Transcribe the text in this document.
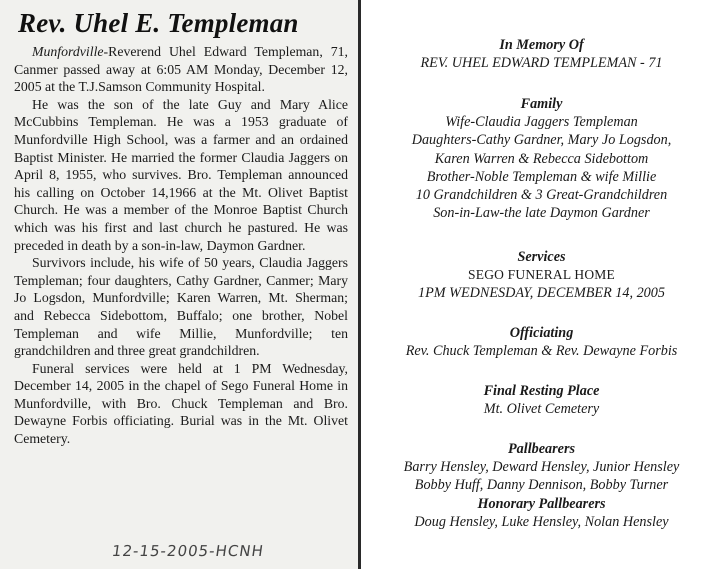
Rev. Uhel E. Templeman

Munfordville-Reverend Uhel Edward Templeman, 71, Canmer passed away at 6:05 AM Monday, December 12, 2005 at the T.J.Samson Community Hospital.

He was the son of the late Guy and Mary Alice McCubbins Templeman. He was a 1953 graduate of Munfordville High School, was a farmer and an ordained Baptist Minister. He married the former Claudia Jaggers on April 8, 1955, who survives. Bro. Templeman announced his calling on October 14,1966 at the Mt. Olivet Baptist Church. He was a member of the Monroe Baptist Church which was his first and last church he pastured. He was preceded in death by a son-in-law, Daymon Gardner.

Survivors include, his wife of 50 years, Claudia Jaggers Templeman; four daughters, Cathy Gardner, Canmer; Mary Jo Logsdon, Munfordville; Karen Warren, Mt. Sherman; and Rebecca Sidebottom, Buffalo; one brother, Nobel Templeman and wife Millie, Munfordville; ten grandchildren and three great grandchildren.

Funeral services were held at 1 PM Wednesday, December 14, 2005 in the chapel of Sego Funeral Home in Munfordville, with Bro. Chuck Templeman and Bro. Dewayne Forbis officiating. Burial was in the Mt. Olivet Cemetery.

12-15-2005-HCNH
In Memory Of
REV. UHEL EDWARD TEMPLEMAN - 71
Family
Wife-Claudia Jaggers Templeman
Daughters-Cathy Gardner, Mary Jo Logsdon,
Karen Warren & Rebecca Sidebottom
Brother-Noble Templeman & wife Millie
10 Grandchildren & 3 Great-Grandchildren
Son-in-Law-the late Daymon Gardner
Services
SEGO FUNERAL HOME
1PM WEDNESDAY, DECEMBER 14, 2005
Officiating
Rev. Chuck Templeman & Rev. Dewayne Forbis
Final Resting Place
Mt. Olivet Cemetery
Pallbearers
Barry Hensley, Deward Hensley, Junior Hensley
Bobby Huff, Danny Dennison, Bobby Turner
Honorary Pallbearers
Doug Hensley, Luke Hensley, Nolan Hensley
